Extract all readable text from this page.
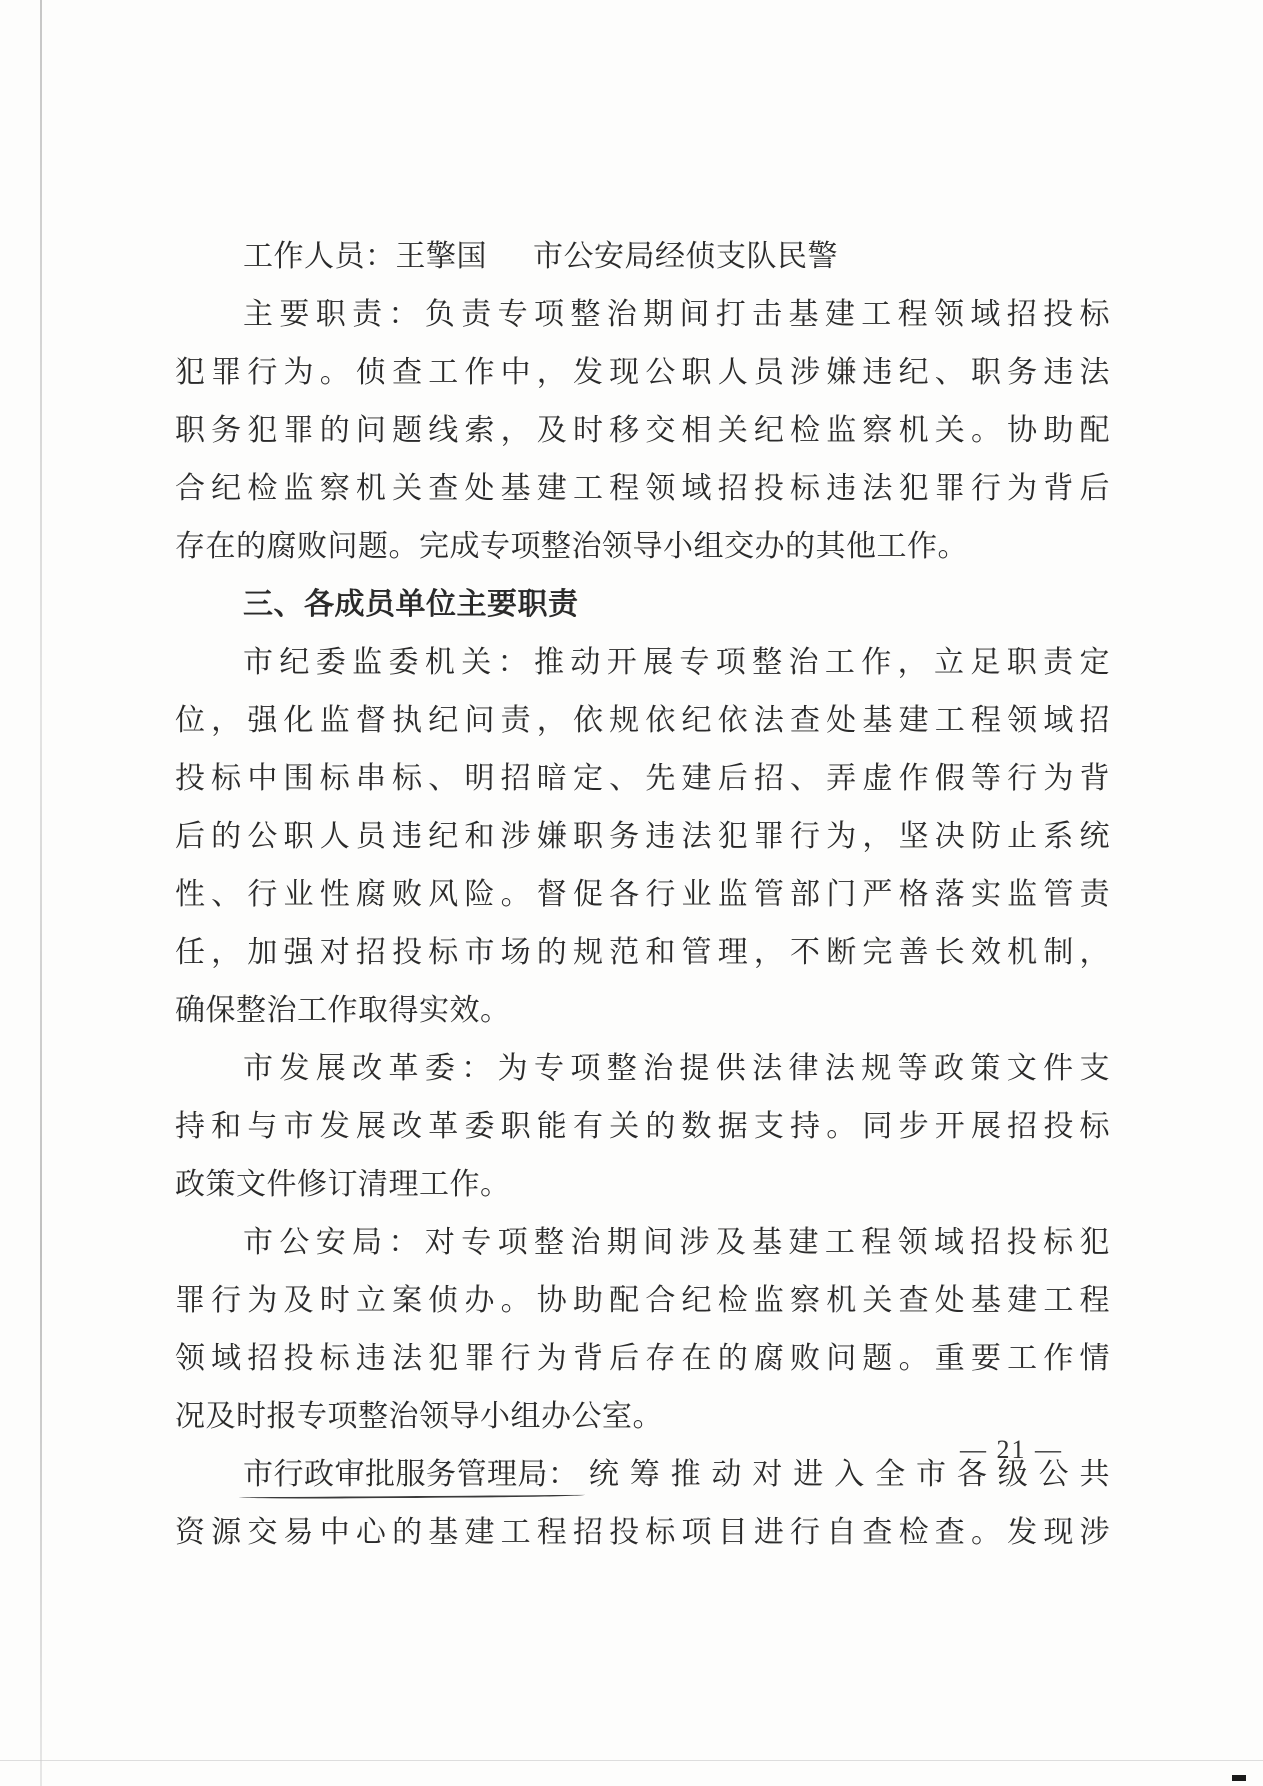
工作人员：王擎国 市公安局经侦支队民警
主要职责：负责专项整治期间打击基建工程领域招投标
犯罪行为。侦查工作中，发现公职人员涉嫌违纪、职务违法
职务犯罪的问题线索，及时移交相关纪检监察机关。协助配
合纪检监察机关查处基建工程领域招投标违法犯罪行为背后
存在的腐败问题。完成专项整治领导小组交办的其他工作。
三、各成员单位主要职责
市纪委监委机关：推动开展专项整治工作，立足职责定
位，强化监督执纪问责，依规依纪依法查处基建工程领域招
投标中围标串标、明招暗定、先建后招、弄虚作假等行为背
后的公职人员违纪和涉嫌职务违法犯罪行为，坚决防止系统
性、行业性腐败风险。督促各行业监管部门严格落实监管责
任，加强对招投标市场的规范和管理，不断完善长效机制，
确保整治工作取得实效。
市发展改革委：为专项整治提供法律法规等政策文件支
持和与市发展改革委职能有关的数据支持。同步开展招投标
政策文件修订清理工作。
市公安局：对专项整治期间涉及基建工程领域招投标犯
罪行为及时立案侦办。协助配合纪检监察机关查处基建工程
领域招投标违法犯罪行为背后存在的腐败问题。重要工作情
况及时报专项整治领导小组办公室。
市行政审批服务管理局：统筹推动对进入全市各级公共
资源交易中心的基建工程招投标项目进行自查检查。发现涉
— 21 —
